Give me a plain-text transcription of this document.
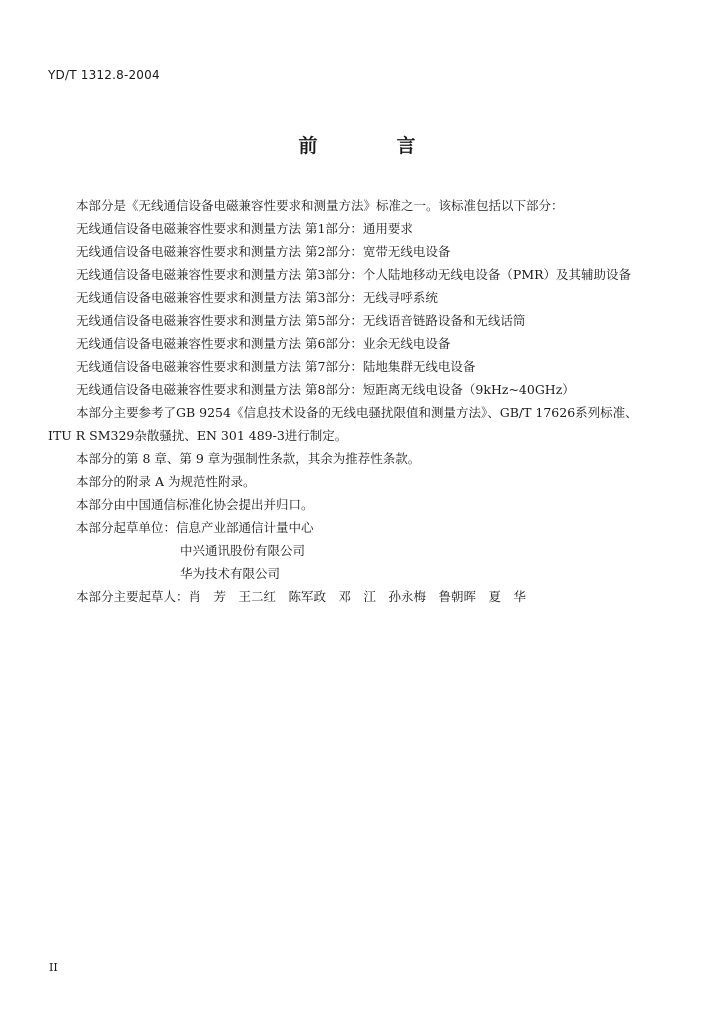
YD/T 1312.8-2004
前　言
本部分是《无线通信设备电磁兼容性要求和测量方法》标准之一。该标准包括以下部分：
无线通信设备电磁兼容性要求和测量方法 第1部分：通用要求
无线通信设备电磁兼容性要求和测量方法 第2部分：宽带无线电设备
无线通信设备电磁兼容性要求和测量方法 第3部分：个人陆地移动无线电设备（PMR）及其辅助设备
无线通信设备电磁兼容性要求和测量方法 第3部分：无线寻呼系统
无线通信设备电磁兼容性要求和测量方法 第5部分：无线语音链路设备和无线话筒
无线通信设备电磁兼容性要求和测量方法 第6部分：业余无线电设备
无线通信设备电磁兼容性要求和测量方法 第7部分：陆地集群无线电设备
无线通信设备电磁兼容性要求和测量方法 第8部分：短距离无线电设备（9kHz~40GHz）
本部分主要参考了GB 9254《信息技术设备的无线电骚扰限值和测量方法》、GB/T 17626系列标准、
ITU R SM329杂散骚扰、EN 301 489-3进行制定。
本部分的第 8 章、第 9 章为强制性条款，其余为推荐性条款。
本部分的附录 A 为规范性附录。
本部分由中国通信标准化协会提出并归口。
本部分起草单位：信息产业部通信计量中心
中兴通讯股份有限公司
华为技术有限公司
本部分主要起草人：肖　芳　王二红　陈军政　邓　江　孙永梅　鲁朝晖　夏　华
II
